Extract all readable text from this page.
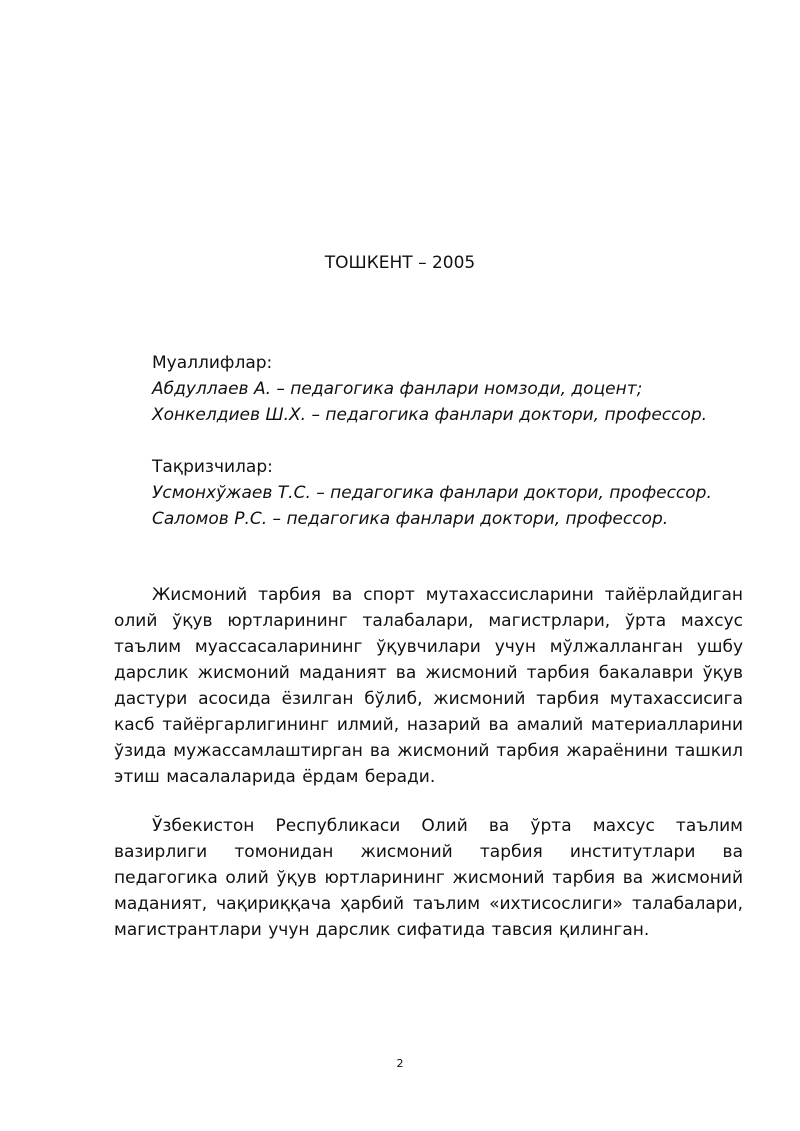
ТОШКЕНТ – 2005
Муаллифлар:
Абдуллаев А. – педагогика фанлари номзоди, доцент;
Хонкелдиев Ш.Х. – педагогика фанлари доктори, профессор.
Тақризчилар:
Усмонхўжаев Т.С. – педагогика фанлари доктори, профессор.
Саломов Р.С. – педагогика фанлари доктори, профессор.

Жисмоний тарбия ва спорт мутахассисларини тайёрлайдиган олий ўқув юртларининг талабалари, магистрлари, ўрта махсус таълим муассасаларининг ўқувчилари учун мўлжалланган ушбу дарслик жисмоний маданият ва жисмоний тарбия бакалаври ўқув дастури асосида ёзилган бўлиб, жисмоний тарбия мутахассисига касб тайёргарлигининг илмий, назарий ва амалий материалларини ўзида мужассамлаштирган ва жисмоний тарбия жараёнини ташкил этиш масалаларида ёрдам беради.

Ўзбекистон Республикаси Олий ва ўрта махсус таълим вазирлиги томонидан жисмоний тарбия институтлари ва педагогика олий ўқув юртларининг жисмоний тарбия ва жисмоний маданият, чақириққача ҳарбий таълим «ихтисослиги» талабалари, магистрантлари учун дарслик сифатида тавсия қилинган.

2
